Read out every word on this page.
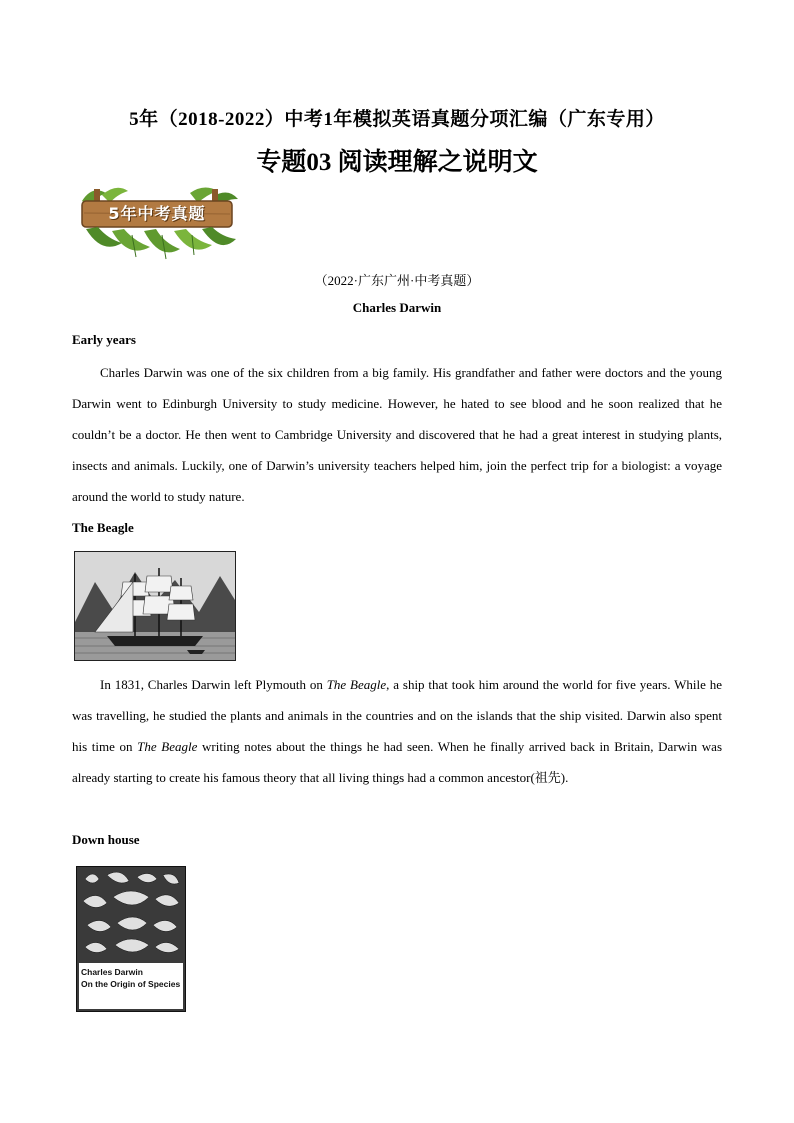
5年（2018-2022）中考1年模拟英语真题分项汇编（广东专用）
专题03 阅读理解之说明文
5年中考真题
（2022·广东广州·中考真题）
Charles Darwin
Early years

Charles Darwin was one of the six children from a big family. His grandfather and father were doctors and the young Darwin went to Edinburgh University to study medicine. However, he hated to see blood and he soon realized that he couldn’t be a doctor. He then went to Cambridge University and discovered that he had a great interest in studying plants, insects and animals. Luckily, one of Darwin’s university teachers helped him, join the perfect trip for a biologist: a voyage around the world to study nature.

The Beagle

In 1831, Charles Darwin left Plymouth on The Beagle, a ship that took him around the world for five years. While he was travelling, he studied the plants and animals in the countries and on the islands that the ship visited. Darwin also spent his time on The Beagle writing notes about the things he had seen. When he finally arrived back in Britain, Darwin was already starting to create his famous theory that all living things had a common ancestor(祖先).

Down house
Charles Darwin
On the Origin of Species
